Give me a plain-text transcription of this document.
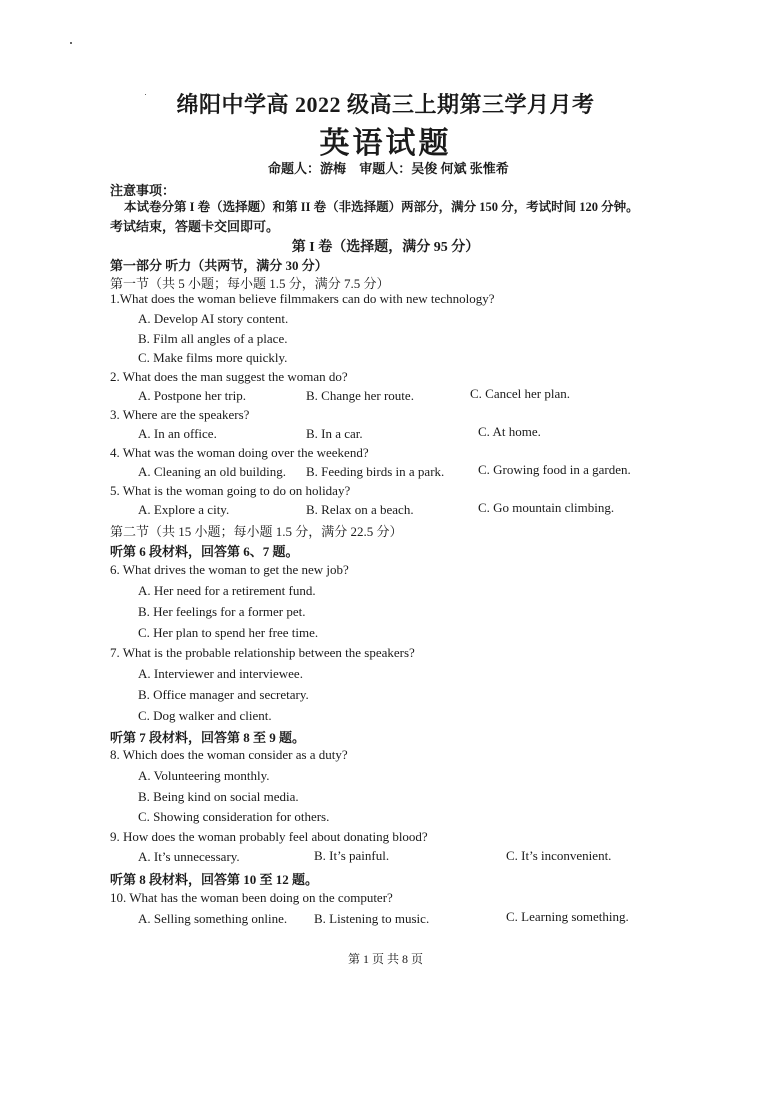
绵阳中学高 2022 级高三上期第三学月月考
英语试题
命题人：游梅 审题人：吴俊 何斌 张惟希
注意事项：
本试卷分第 I 卷（选择题）和第 II 卷（非选择题）两部分，满分 150 分，考试时间 120 分钟。
考试结束，答题卡交回即可。
第 I 卷（选择题，满分 95 分）
第一部分 听力（共两节，满分 30 分）
第一节（共 5 小题；每小题 1.5 分，满分 7.5 分）
1.What does the woman believe filmmakers can do with new technology?
A. Develop AI story content.
B. Film all angles of a place.
C. Make films more quickly.
2. What does the man suggest the woman do?
A. Postpone her trip.	B. Change her route.	C. Cancel her plan.
3. Where are the speakers?
A. In an office.	B. In a car.	C. At home.
4. What was the woman doing over the weekend?
A. Cleaning an old building. B. Feeding birds in a park.	C. Growing food in a garden.
5. What is the woman going to do on holiday?
A. Explore a city.	B. Relax on a beach.	C. Go mountain climbing.
第二节（共 15 小题；每小题 1.5 分，满分 22.5 分）
听第 6 段材料，回答第 6、7 题。
6. What drives the woman to get the new job?
A. Her need for a retirement fund.
B. Her feelings for a former pet.
C. Her plan to spend her free time.
7. What is the probable relationship between the speakers?
A. Interviewer and interviewee.
B. Office manager and secretary.
C. Dog walker and client.
听第 7 段材料，回答第 8 至 9 题。
8. Which does the woman consider as a duty?
A. Volunteering monthly.
B. Being kind on social media.
C. Showing consideration for others.
9. How does the woman probably feel about donating blood?
A. It’s unnecessary.	B. It’s painful.	C. It’s inconvenient.
听第 8 段材料，回答第 10 至 12 题。
10. What has the woman been doing on the computer?
A. Selling something online. B. Listening to music.	C. Learning something.
第 1 页 共 8 页
